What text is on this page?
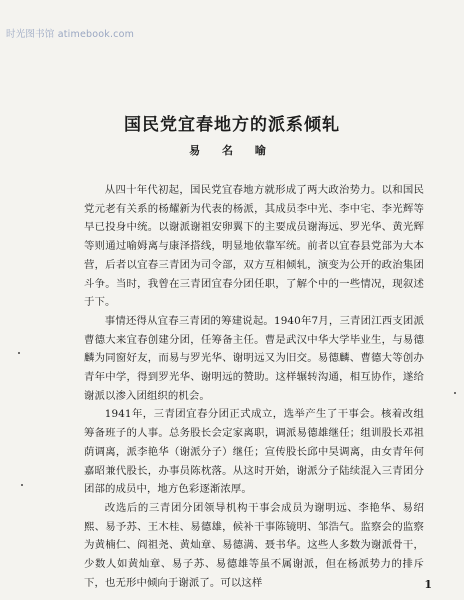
时光图书馆 atimebook.com
国民党宜春地方的派系倾轧
易 名 喻

从四十年代初起，国民党宜春地方就形成了两大政治势力。以和国民党元老有关系的杨耀新为代表的杨派，其成员李中光、李中宅、李光辉等早已投身中统。以谢派谢祖安卵翼下的主要成员谢海远、罗光华、黄光辉等则通过喻姆离与康泽搭线，明显地依靠军统。前者以宜春县党部为大本营，后者以宜春三青团为司令部，双方互相倾轧，演变为公开的政治集团斗争。当时，我曾在三青团宜春分团任职，了解个中的一些情况，现叙述于下。

事情还得从宜春三青团的筹建说起。1940年7月，三青团江西支团派曹德大来宜春创建分团，任筹备主任。曹是武汉中华大学毕业生，与易德麟为同窗好友，而易与罗光华、谢明远又为旧交。易德麟、曹德大等创办青年中学，得到罗光华、谢明远的赞助。这样辗转沟通，相互协作，遂给谢派以渗入团组织的机会。

1941年，三青团宜春分团正式成立，选举产生了干事会。核着改组筹备班子的人事。总务股长会定家离职，调派易德雄继任；组训股长邓祖荫调离，派李艳华（谢派分子）继任；宣传股长邱中昊调离，由女青年何嘉昭兼代股长，办事员陈枕落。从这时开始，谢派分子陆续混入三青团分团部的成员中，地方色彩逐渐浓厚。

改选后的三青团分团领导机构干事会成员为谢明远、李艳华、易绍熙、易予苏、王木桂、易德雄，候补干事陈镜明、邹浩气。监察会的监察为黄楠仁、阎祖尧、黄灿章、易德满、聂书华。这些人多数为谢派骨干，少数人如黄灿章、易子苏、易德雄等虽不属谢派，但在杨派势力的排斥下，也无形中倾向于谢派了。可以这样	1
